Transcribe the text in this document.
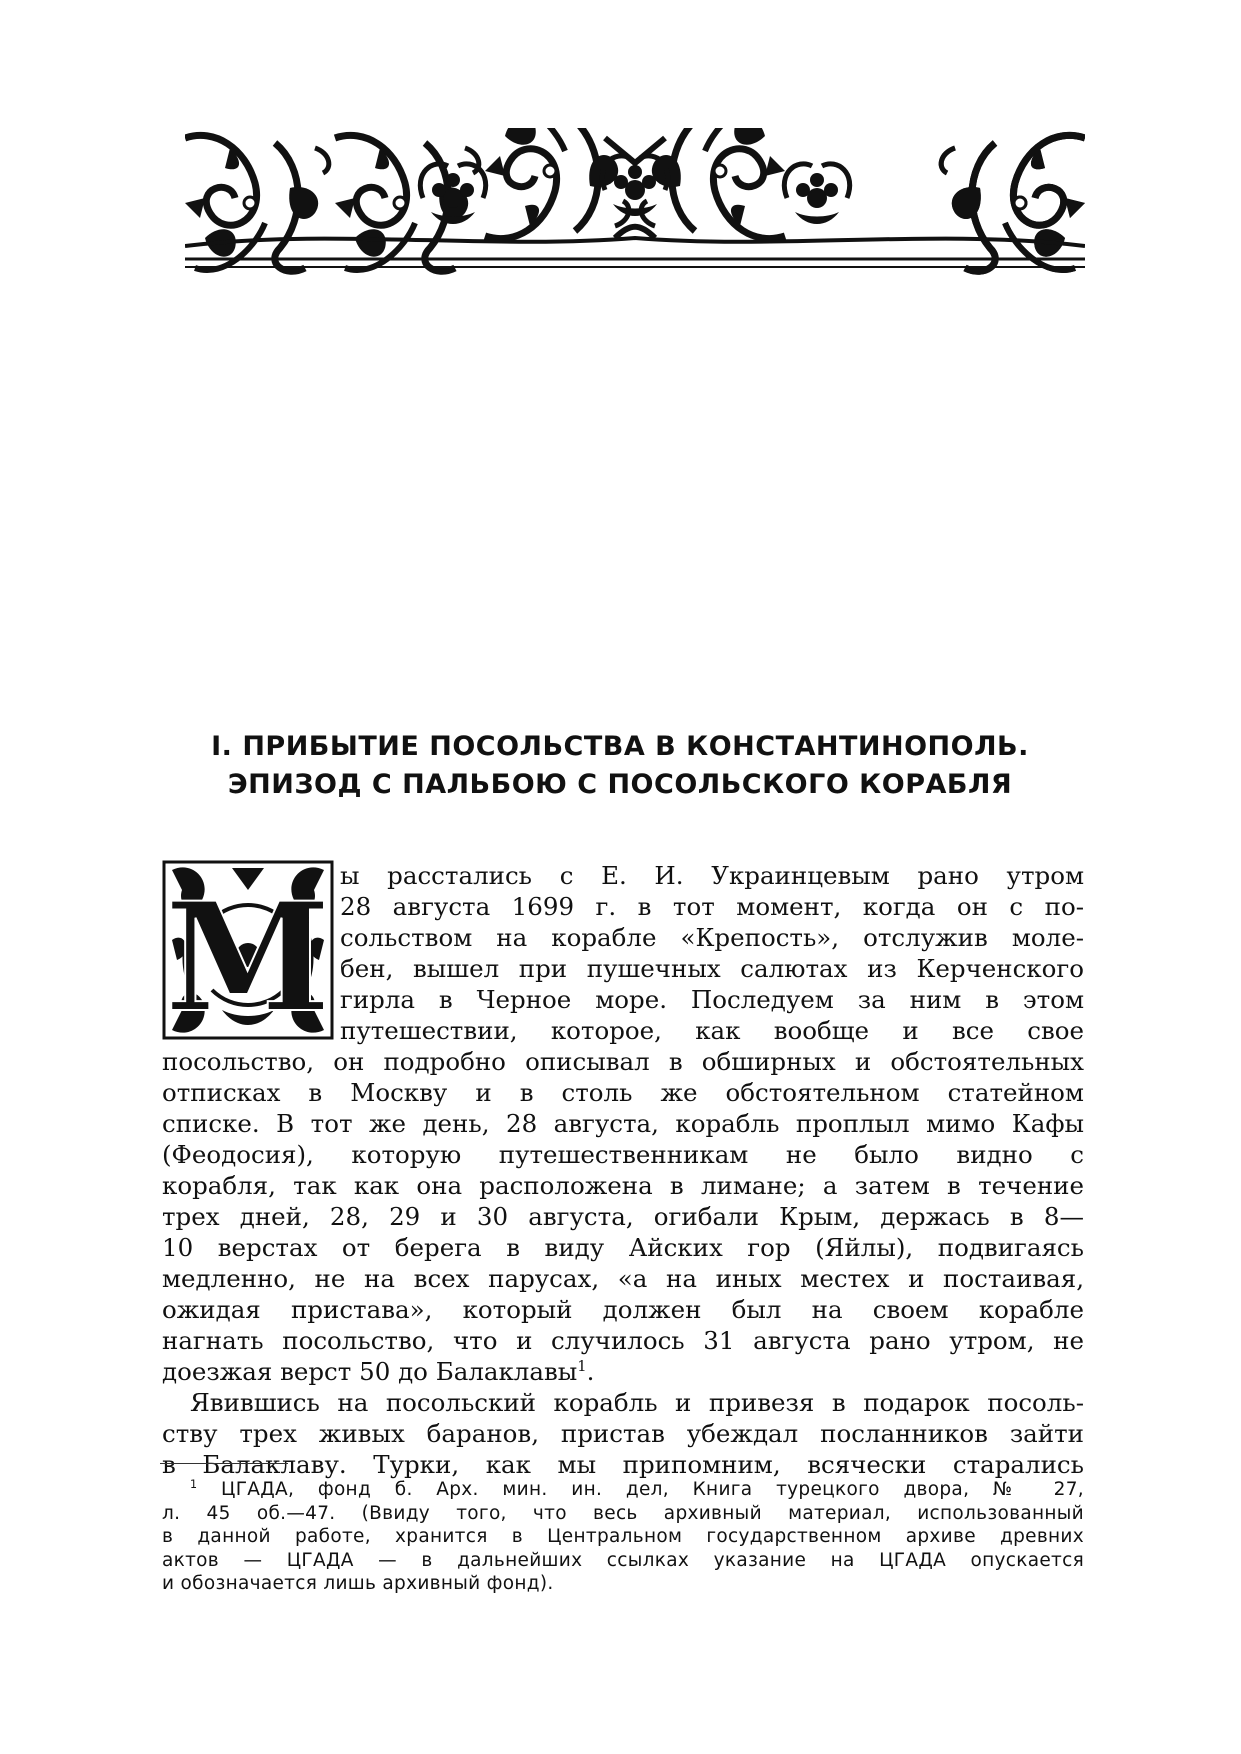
I. ПРИБЫТИЕ ПОСОЛЬСТВА В КОНСТАНТИНОПОЛЬ.
ЭПИЗОД С ПАЛЬБОЮ С ПОСОЛЬСКОГО КОРАБЛЯ
М ы расстались с Е. И. Украинцевым рано утром
28 августа 1699 г. в тот момент, когда он с по-
сольством на корабле «Крепость», отслужив моле-
бен, вышел при пушечных салютах из Керченского
гирла в Черное море. Последуем за ним в этом
путешествии, которое, как вообще и все свое
посольство, он подробно описывал в обширных и обстоятельных
отписках в Москву и в столь же обстоятельном статейном
списке. В тот же день, 28 августа, корабль проплыл мимо Кафы
(Феодосия), которую путешественникам не было видно с
корабля, так как она расположена в лимане; а затем в течение
трех дней, 28, 29 и 30 августа, огибали Крым, держась в 8—
10 верстах от берега в виду Айских гор (Яйлы), подвигаясь
медленно, не на всех парусах, «а на иных местех и постаивая,
ожидая пристава», который должен был на своем корабле
нагнать посольство, что и случилось 31 августа рано утром, не
доезжая верст 50 до Балаклавы$^1$.
Явившись на посольский корабль и привезя в подарок посоль-
ству трех живых баранов, пристав убеждал посланников зайти
в Балаклаву. Турки, как мы припомним, всячески старались
$^1$ ЦГАДА, фонд б. Арх. мин. ин. дел, Книга турецкого двора, № 27,
л. 45 об.—47. (Ввиду того, что весь архивный материал, использованный
в данной работе, хранится в Центральном государственном архиве древних
актов — ЦГАДА — в дальнейших ссылках указание на ЦГАДА опускается
и обозначается лишь архивный фонд).
